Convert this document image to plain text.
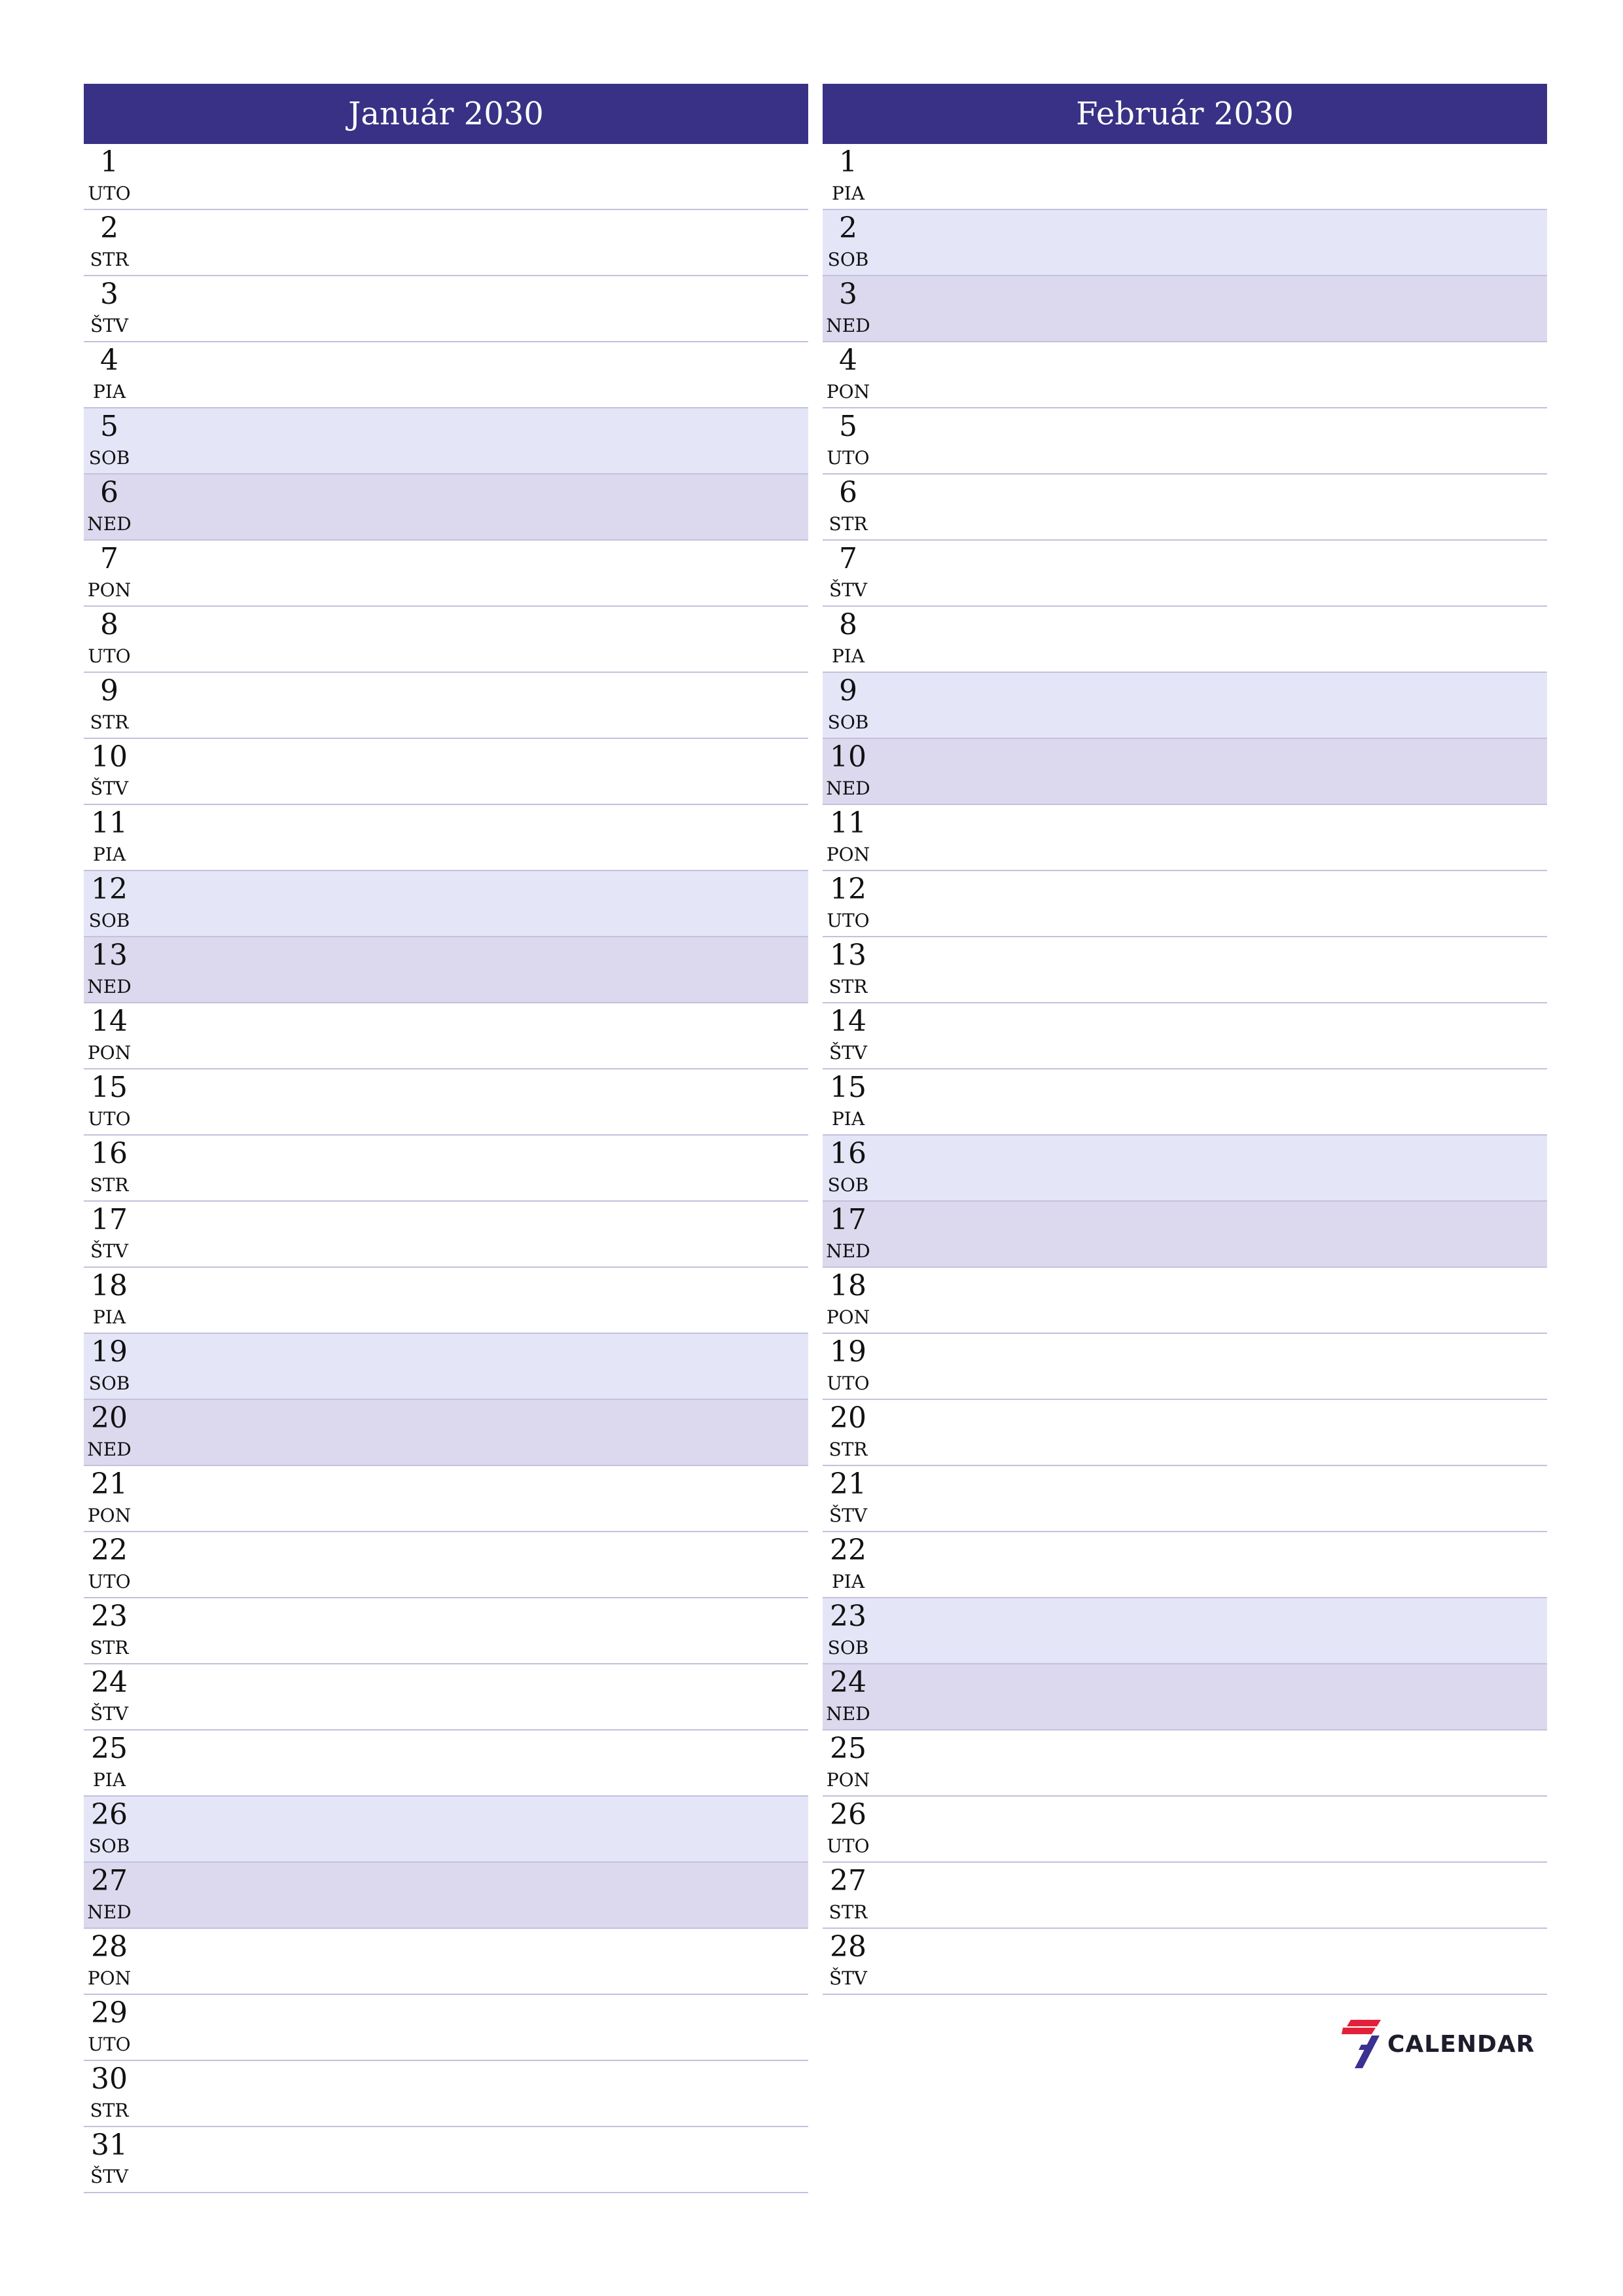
Január 2030
1
UTO
2
STR
3
ŠTV
4
PIA
5
SOB
6
NED
7
PON
8
UTO
9
STR
10
ŠTV
11
PIA
12
SOB
13
NED
14
PON
15
UTO
16
STR
17
ŠTV
18
PIA
19
SOB
20
NED
21
PON
22
UTO
23
STR
24
ŠTV
25
PIA
26
SOB
27
NED
28
PON
29
UTO
30
STR
31
ŠTV
Február 2030
1
PIA
2
SOB
3
NED
4
PON
5
UTO
6
STR
7
ŠTV
8
PIA
9
SOB
10
NED
11
PON
12
UTO
13
STR
14
ŠTV
15
PIA
16
SOB
17
NED
18
PON
19
UTO
20
STR
21
ŠTV
22
PIA
23
SOB
24
NED
25
PON
26
UTO
27
STR
28
ŠTV
CALENDAR
